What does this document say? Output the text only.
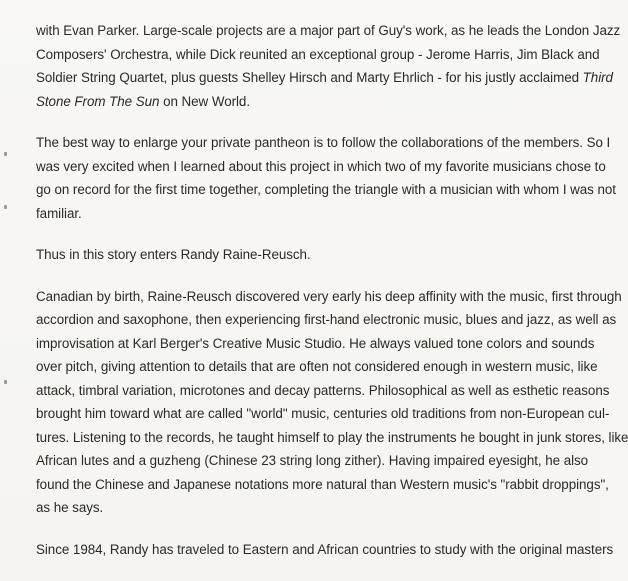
with Evan Parker. Large-scale projects are a major part of Guy's work, as he leads the London Jazz
Composers' Orchestra, while Dick reunited an exceptional group - Jerome Harris, Jim Black and
Soldier String Quartet, plus guests Shelley Hirsch and Marty Ehrlich - for his justly acclaimed Third
Stone From The Sun on New World.

The best way to enlarge your private pantheon is to follow the collaborations of the members. So I
was very excited when I learned about this project in which two of my favorite musicians chose to
go on record for the first time together, completing the triangle with a musician with whom I was not
familiar.

Thus in this story enters Randy Raine-Reusch.

Canadian by birth, Raine-Reusch discovered very early his deep affinity with the music, first through
accordion and saxophone, then experiencing first-hand electronic music, blues and jazz, as well as
improvisation at Karl Berger's Creative Music Studio. He always valued tone colors and sounds
over pitch, giving attention to details that are often not considered enough in western music, like
attack, timbral variation, microtones and decay patterns. Philosophical as well as esthetic reasons
brought him toward what are called "world" music, centuries old traditions from non-European cul-
tures. Listening to the records, he taught himself to play the instruments he bought in junk stores, like
African lutes and a guzheng (Chinese 23 string long zither). Having impaired eyesight, he also
found the Chinese and Japanese notations more natural than Western music's "rabbit droppings",
as he says.

Since 1984, Randy has traveled to Eastern and African countries to study with the original masters
